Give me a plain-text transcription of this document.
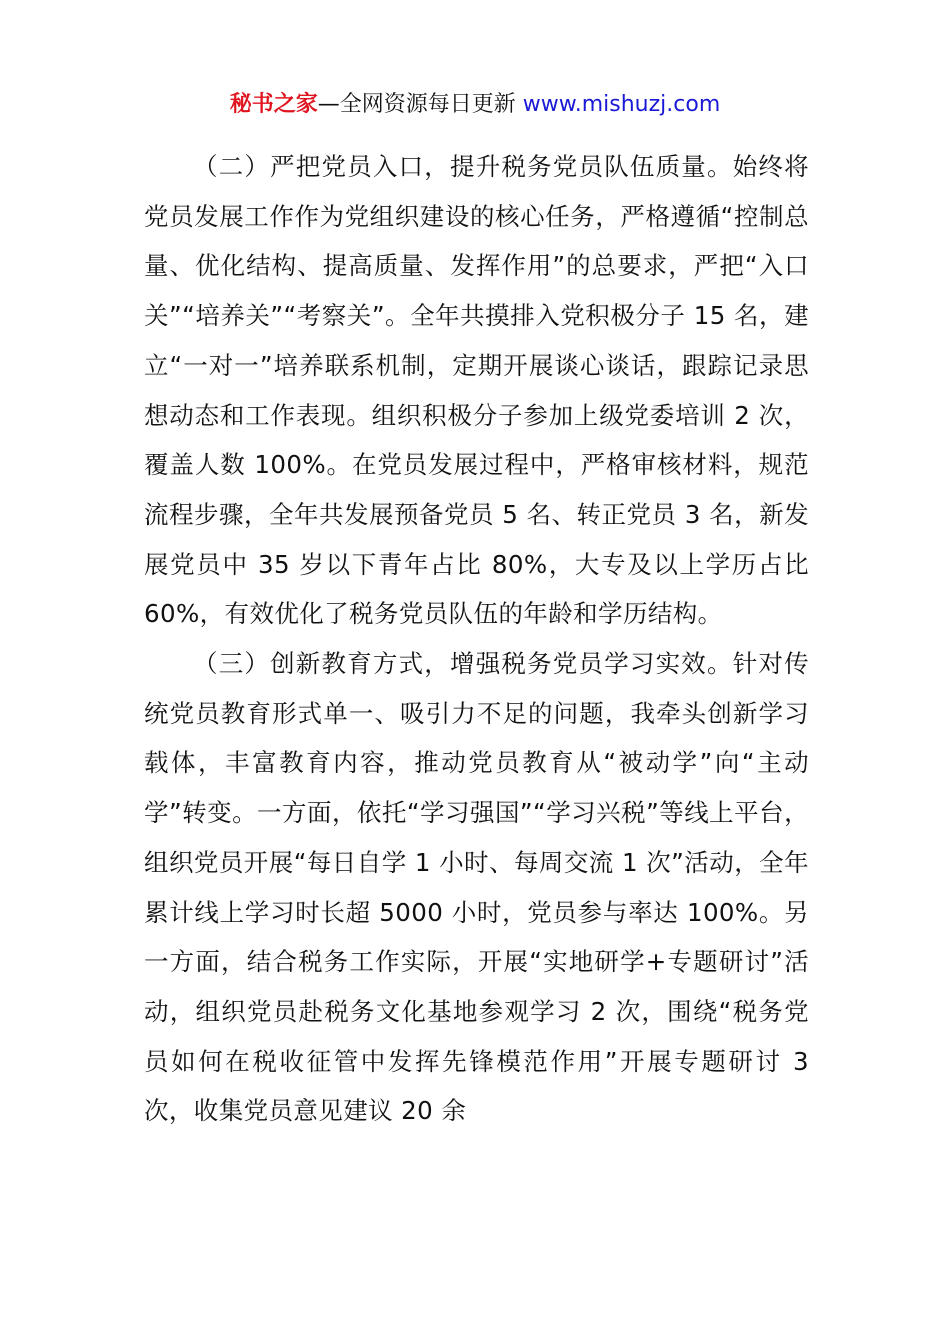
秘书之家—全网资源每日更新 www.mishuzj.com

（二）严把党员入口，提升税务党员队伍质量。始终将党员发展工作作为党组织建设的核心任务，严格遵循“控制总量、优化结构、提高质量、发挥作用”的总要求，严把“入口关”“培养关”“考察关”。全年共摸排入党积极分子 15 名，建立“一对一”培养联系机制，定期开展谈心谈话，跟踪记录思想动态和工作表现。组织积极分子参加上级党委培训 2 次，覆盖人数 100%。在党员发展过程中，严格审核材料，规范流程步骤，全年共发展预备党员 5 名、转正党员 3 名，新发展党员中 35 岁以下青年占比 80%，大专及以上学历占比 60%，有效优化了税务党员队伍的年龄和学历结构。

（三）创新教育方式，增强税务党员学习实效。针对传统党员教育形式单一、吸引力不足的问题，我牵头创新学习载体，丰富教育内容，推动党员教育从“被动学”向“主动学”转变。一方面，依托“学习强国”“学习兴税”等线上平台，组织党员开展“每日自学 1 小时、每周交流 1 次”活动，全年累计线上学习时长超 5000 小时，党员参与率达 100%。另一方面，结合税务工作实际，开展“实地研学+专题研讨”活动，组织党员赴税务文化基地参观学习 2 次，围绕“税务党员如何在税收征管中发挥先锋模范作用”开展专题研讨 3 次，收集党员意见建议 20 余
